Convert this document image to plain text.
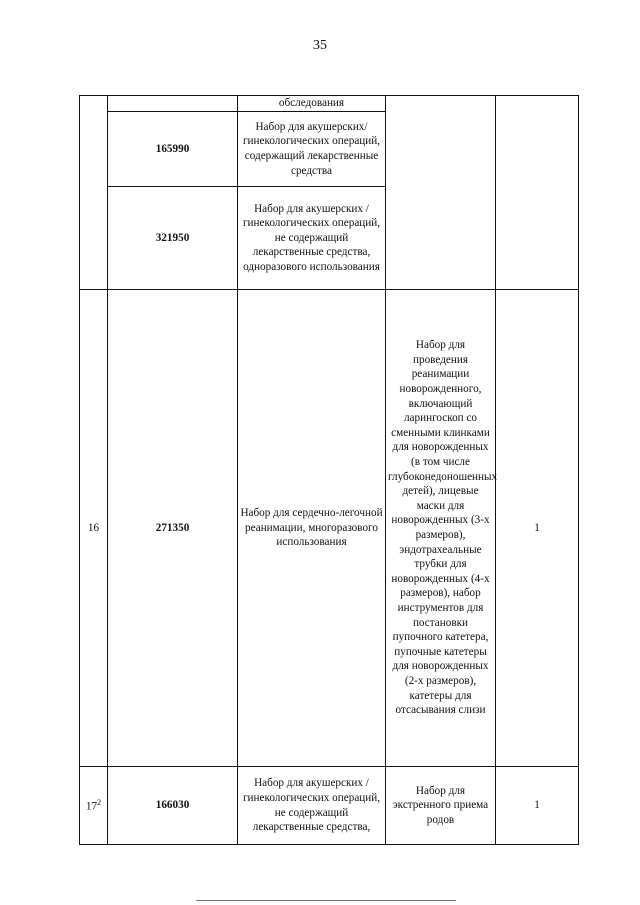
35
		обследования		
	165990	Набор для акушерских/гинекологических операций, содержащий лекарственные средства		
	321950	Набор для акушерских /гинекологических операций, не содержащий лекарственные средства, одноразового использования		
16	271350	Набор для сердечно-легочной реанимации, многоразового использования	Набор для проведения реанимации новорожденного, включающий ларингоскоп со сменными клинками для новорожденных (в том числе глубоконедоношенных детей), лицевые маски для новорожденных (3-х размеров), эндотрахеальные трубки для новорожденных (4-х размеров), набор инструментов для постановки пупочного катетера, пупочные катетеры для новорожденных (2-х размеров), катетеры для отсасывания слизи	1
$17^2$	166030	Набор для акушерских /гинекологических операций, не содержащий лекарственные средства,	Набор для экстренного приема родов	1
